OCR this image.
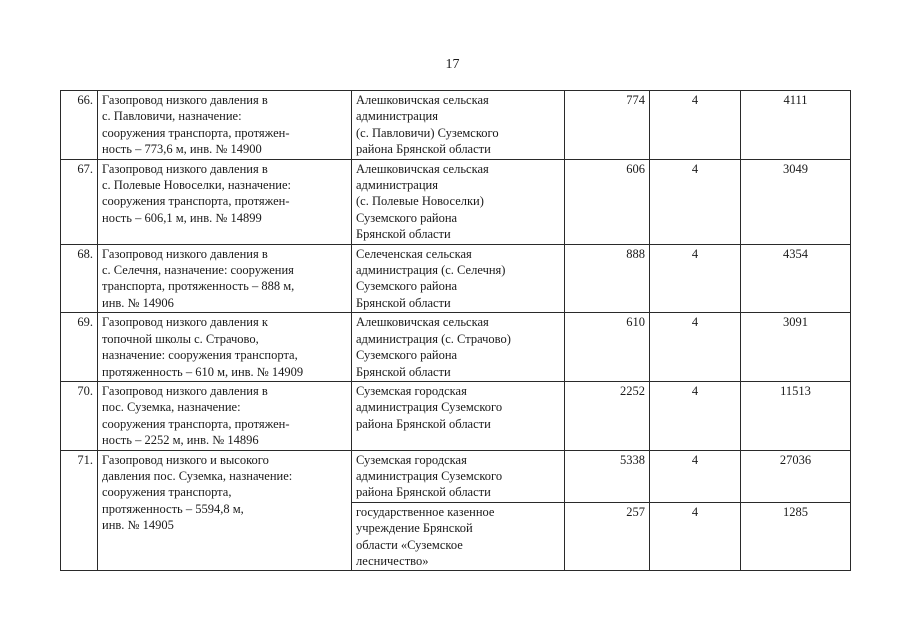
17
66.	Газопровод низкого давления в
с. Павловичи, назначение:
сооружения транспорта, протяжен-
ность – 773,6 м, инв. № 14900	Алешковичская сельская
администрация
(с. Павловичи) Суземского
района Брянской области	774	4	4111
67.	Газопровод низкого давления в
с. Полевые Новоселки, назначение:
сооружения транспорта, протяжен-
ность – 606,1 м, инв. № 14899	Алешковичская сельская
администрация
(с. Полевые Новоселки)
Суземского района
Брянской области	606	4	3049
68.	Газопровод низкого давления в
с. Селечня, назначение: сооружения
транспорта, протяженность – 888 м,
инв. № 14906	Селеченская сельская
администрация (с. Селечня)
Суземского района
Брянской области	888	4	4354
69.	Газопровод низкого давления к
топочной школы с. Страчово,
назначение: сооружения транспорта,
протяженность – 610 м, инв. № 14909	Алешковичская сельская
администрация (с. Страчово)
Суземского района
Брянской области	610	4	3091
70.	Газопровод низкого давления в
пос. Суземка, назначение:
сооружения транспорта, протяжен-
ность – 2252 м, инв. № 14896	Суземская городская
администрация Суземского
района Брянской области	2252	4	11513
71.	Газопровод низкого и высокого
давления пос. Суземка, назначение:
сооружения транспорта,
протяженность – 5594,8 м,
инв. № 14905	Суземская городская
администрация Суземского
района Брянской области	5338	4	27036

		государственное казенное
учреждение Брянской
области «Суземское
лесничество»	257	4	1285
